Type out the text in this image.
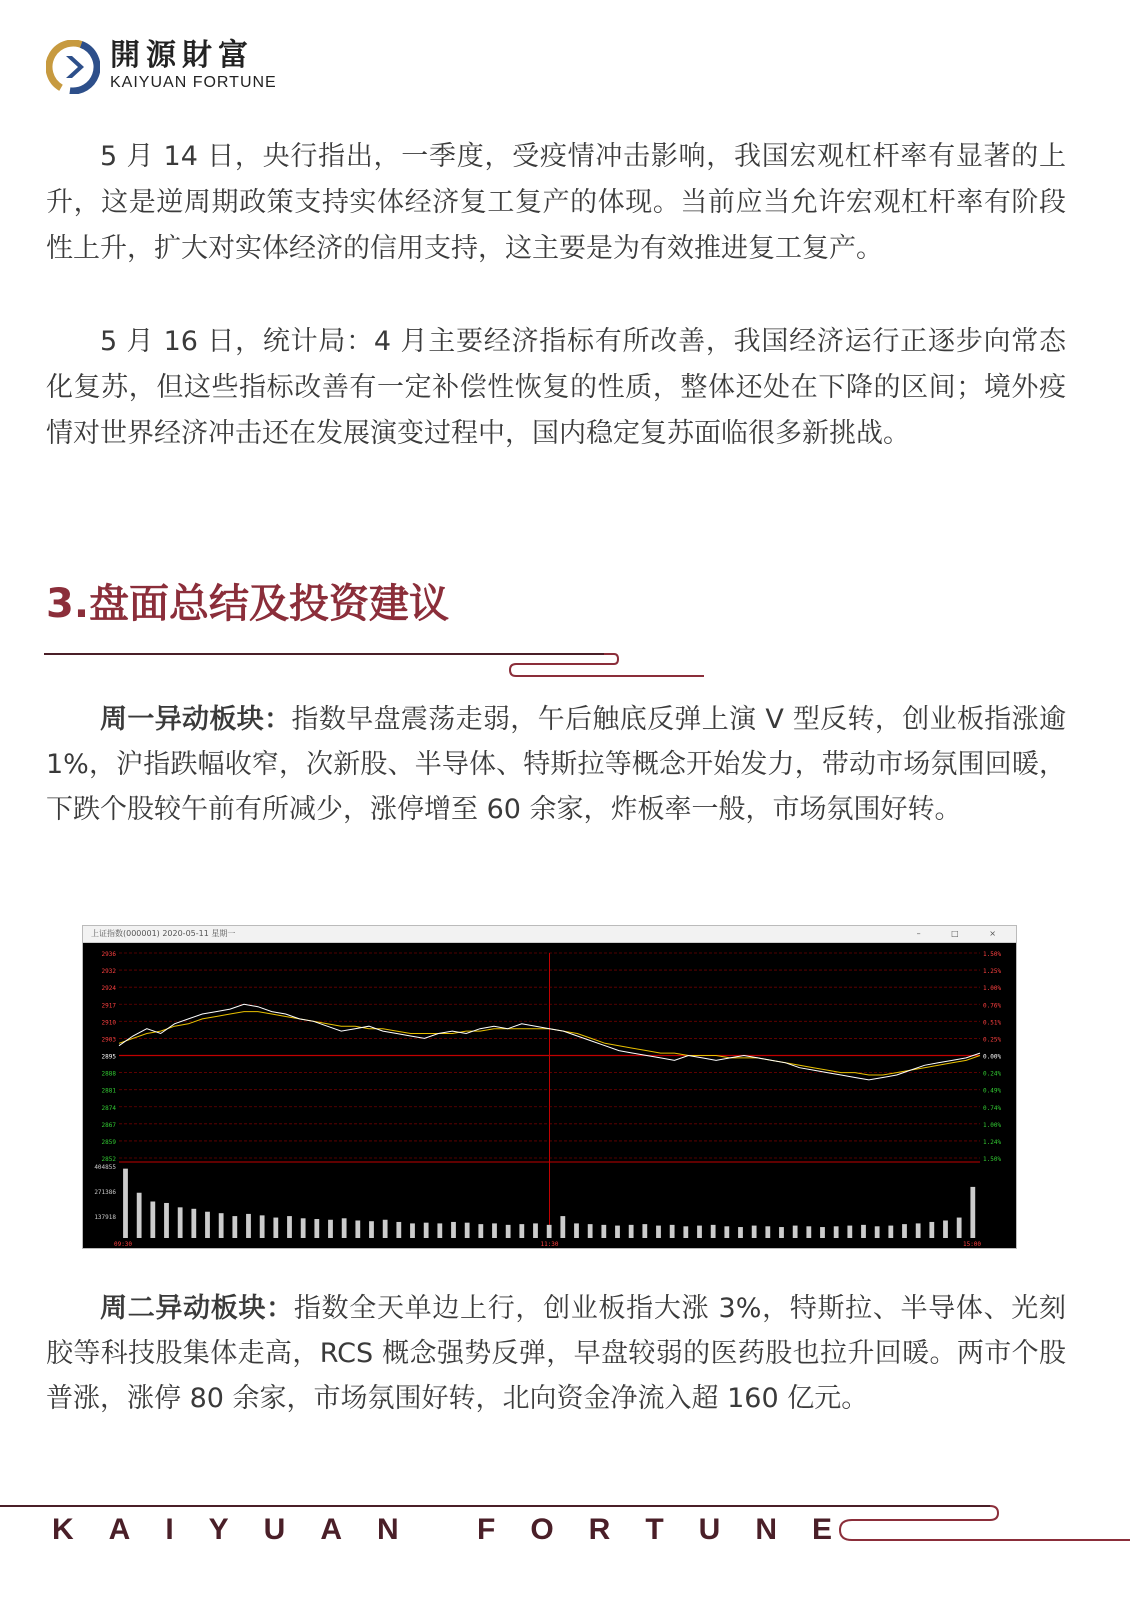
開源財富
KAIYUAN FORTUNE

5 月 14 日，央行指出，一季度，受疫情冲击影响，我国宏观杠杆率有显著的上升，这是逆周期政策支持实体经济复工复产的体现。当前应当允许宏观杠杆率有阶段性上升，扩大对实体经济的信用支持，这主要是为有效推进复工复产。

5 月 16 日，统计局：4 月主要经济指标有所改善，我国经济运行正逐步向常态化复苏，但这些指标改善有一定补偿性恢复的性质，整体还处在下降的区间；境外疫情对世界经济冲击还在发展演变过程中，国内稳定复苏面临很多新挑战。

3.盘面总结及投资建议

周一异动板块：指数早盘震荡走弱，午后触底反弹上演 V 型反转，创业板指涨逾 1%，沪指跌幅收窄，次新股、半导体、特斯拉等概念开始发力，带动市场氛围回暖，下跌个股较午前有所减少，涨停增至 60 余家，炸板率一般，市场氛围好转。

上证指数(000001) 2020-05-11 星期一	– □ ×
2936
2932
2924
2917
2910
2903
2895
2888
2881
2874
2867
2859
2852
1.50%
1.25%
1.00%
0.76%
0.51%
0.25%
0.00%
0.24%
0.49%
0.74%
1.00%
1.24%
1.50%
404855
271386
137918
09:30	11:30	15:00

周二异动板块：指数全天单边上行，创业板指大涨 3%，特斯拉、半导体、光刻胶等科技股集体走高，RCS 概念强势反弹，早盘较弱的医药股也拉升回暖。两市个股普涨，涨停 80 余家，市场氛围好转，北向资金净流入超 160 亿元。

KAIYUAN FORTUNE
